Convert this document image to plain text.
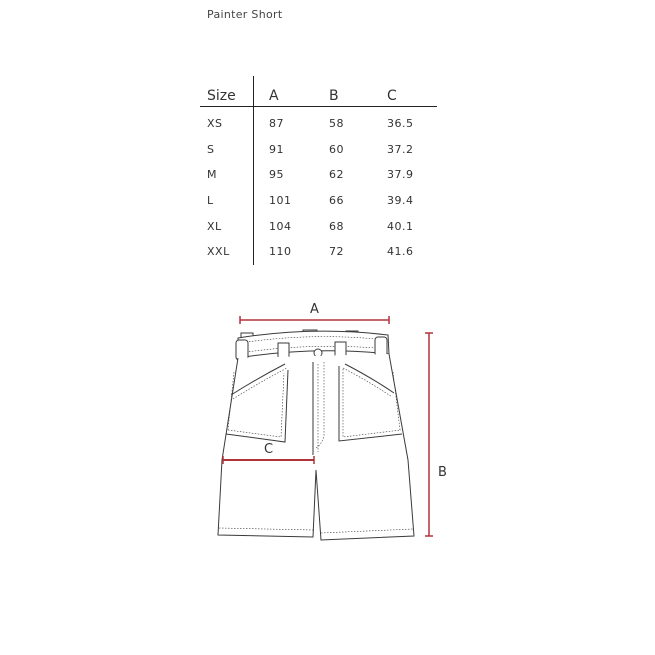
Painter Short
Size	A	B	C
XS	87	58	36.5
S	91	60	37.2
M	95	62	37.9
L	101	66	39.4
XL	104	68	40.1
XXL	110	72	41.6
A
B
C
